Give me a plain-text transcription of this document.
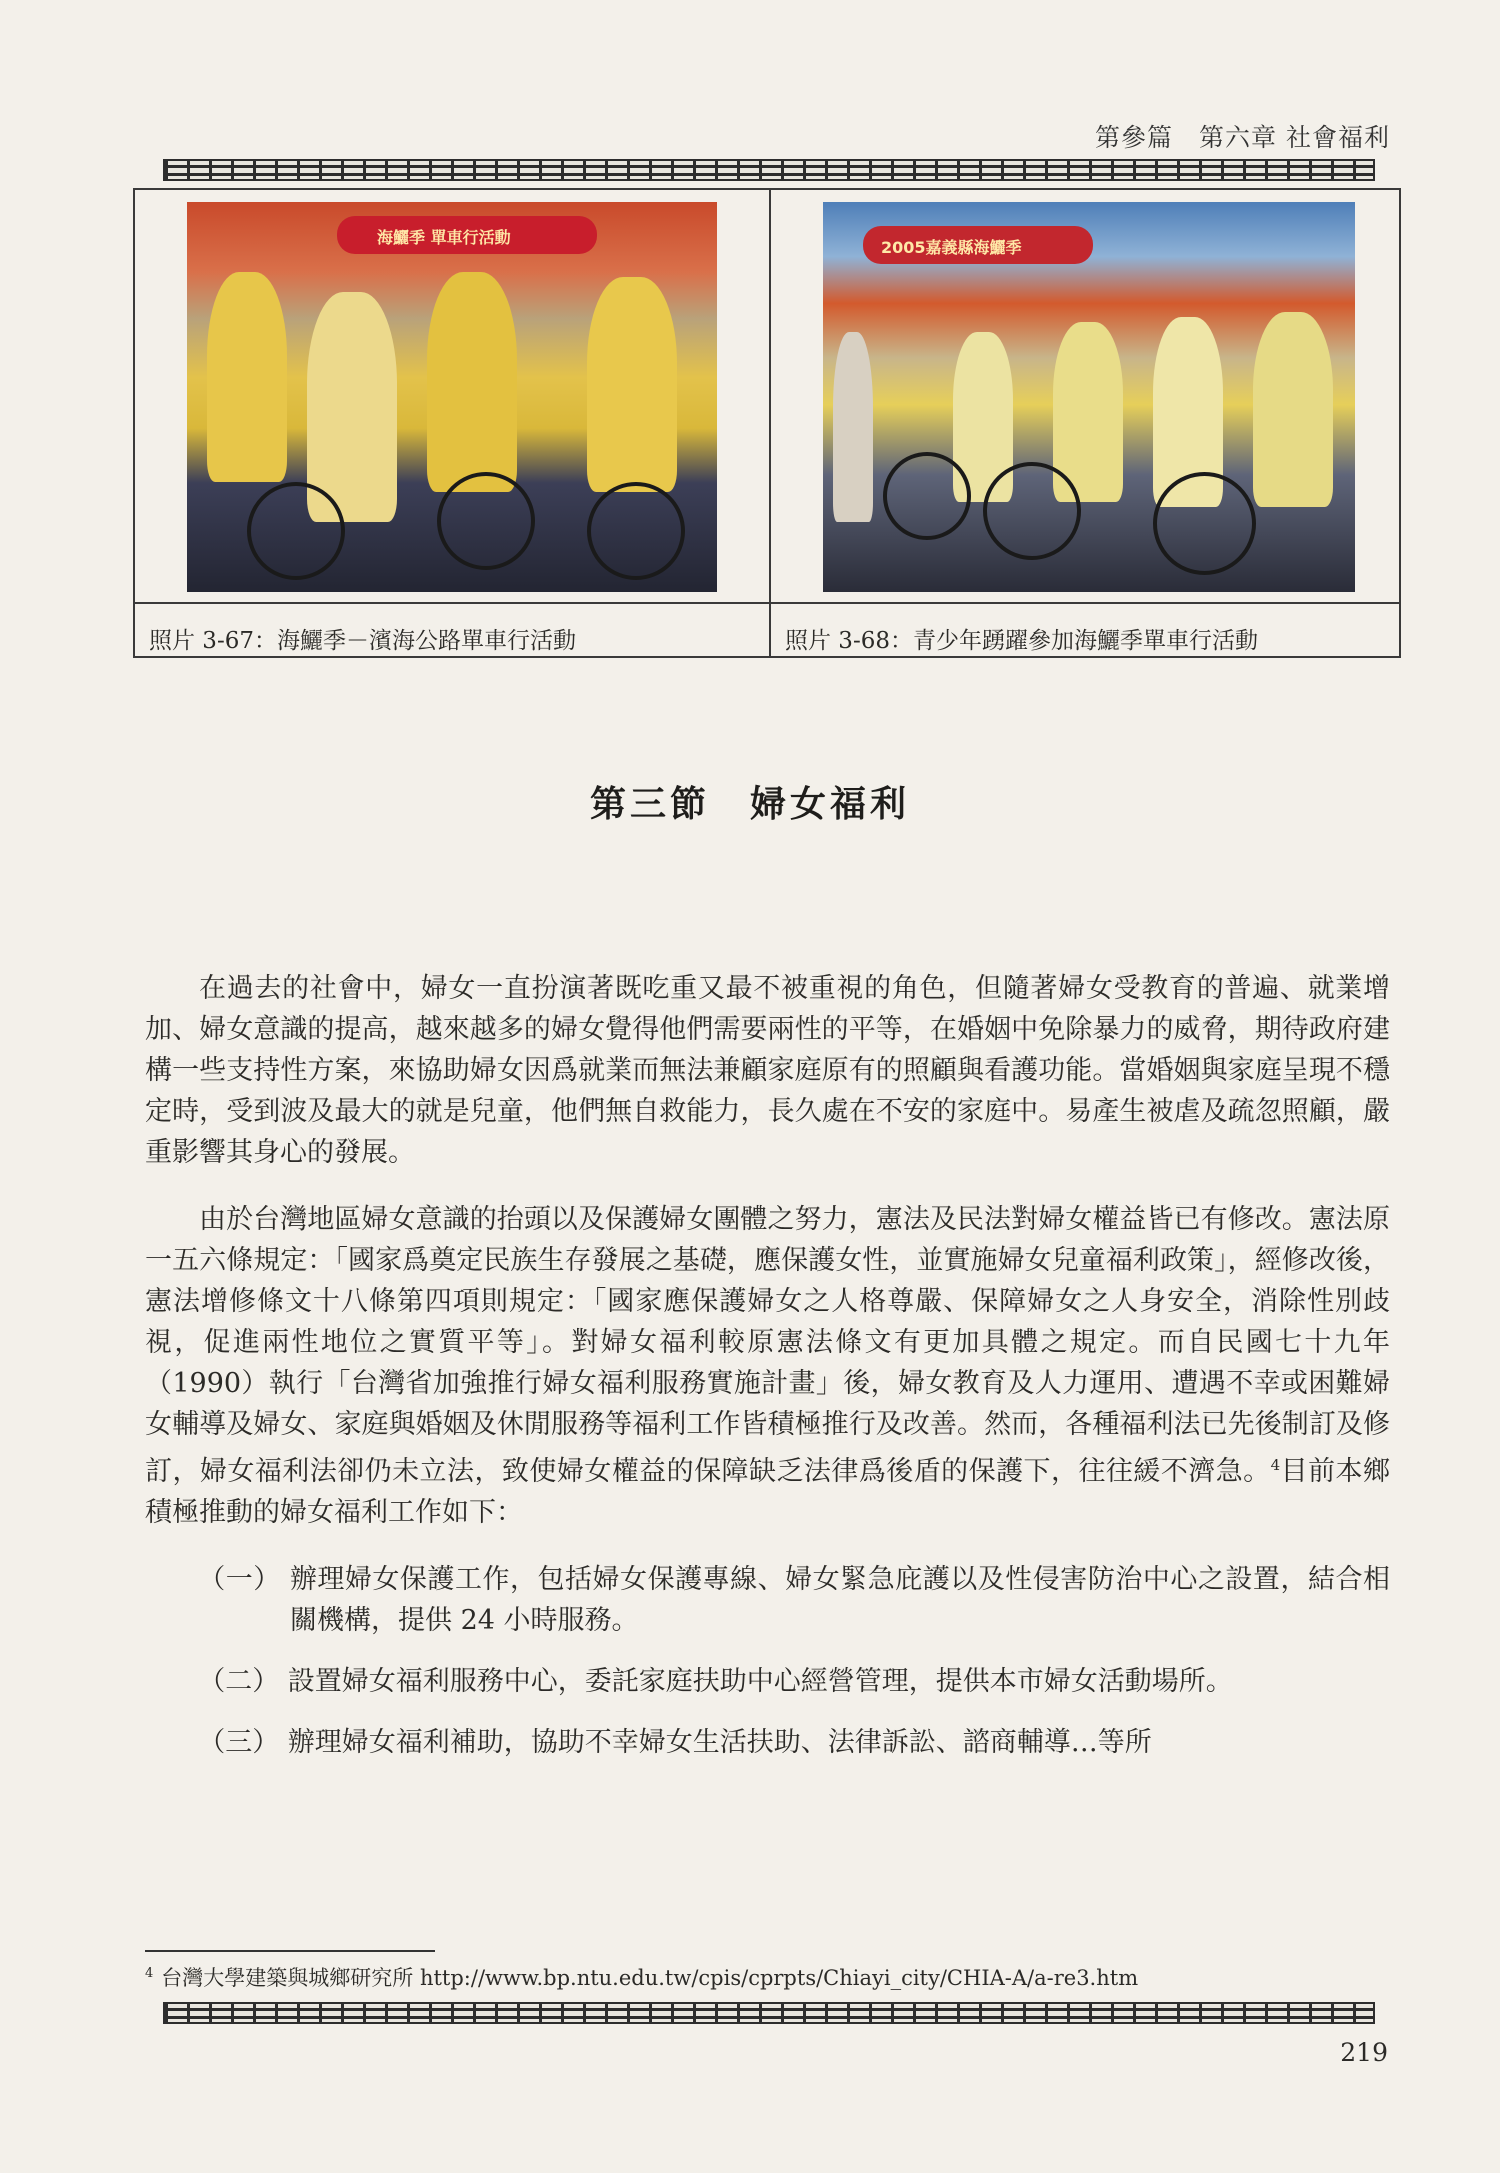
第參篇　第六章 社會福利
海鱺季 單車行活動
2005嘉義縣海鱺季
照片 3-67：海鱺季－濱海公路單車行活動	照片 3-68：青少年踴躍參加海鱺季單車行活動
第三節　婦女福利

在過去的社會中，婦女一直扮演著既吃重又最不被重視的角色，但隨著婦女受教育的普遍、就業增加、婦女意識的提高，越來越多的婦女覺得他們需要兩性的平等，在婚姻中免除暴力的威脅，期待政府建構一些支持性方案，來協助婦女因爲就業而無法兼顧家庭原有的照顧與看護功能。當婚姻與家庭呈現不穩定時，受到波及最大的就是兒童，他們無自救能力，長久處在不安的家庭中。易產生被虐及疏忽照顧，嚴重影響其身心的發展。

由於台灣地區婦女意識的抬頭以及保護婦女團體之努力，憲法及民法對婦女權益皆已有修改。憲法原一五六條規定：「國家爲奠定民族生存發展之基礎，應保護女性，並實施婦女兒童福利政策」，經修改後，憲法增修條文十八條第四項則規定：「國家應保護婦女之人格尊嚴、保障婦女之人身安全，消除性別歧視，促進兩性地位之實質平等」。對婦女福利較原憲法條文有更加具體之規定。而自民國七十九年（1990）執行「台灣省加強推行婦女福利服務實施計畫」後，婦女教育及人力運用、遭遇不幸或困難婦女輔導及婦女、家庭與婚姻及休閒服務等福利工作皆積極推行及改善。然而，各種福利法已先後制訂及修訂，婦女福利法卻仍未立法，致使婦女權益的保障缺乏法律爲後盾的保護下，往往緩不濟急。$^4$目前本鄉積極推動的婦女福利工作如下：

（一） 辦理婦女保護工作，包括婦女保護專線、婦女緊急庇護以及性侵害防治中心之設置，結合相關機構，提供 24 小時服務。
（二） 設置婦女福利服務中心，委託家庭扶助中心經營管理，提供本市婦女活動場所。
（三） 辦理婦女福利補助，協助不幸婦女生活扶助、法律訴訟、諮商輔導…等所
$^4$ 台灣大學建築與城鄉研究所 http://www.bp.ntu.edu.tw/cpis/cprpts/Chiayi_city/CHIA-A/a-re3.htm
219
